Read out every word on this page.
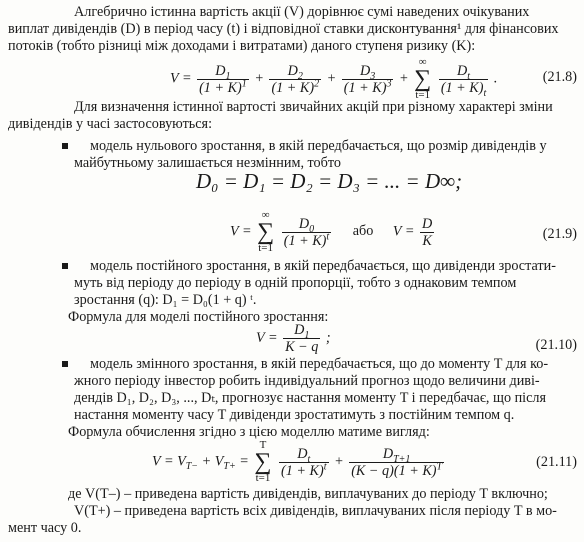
Алгебрично істинна вартість акції (V) дорівнює сумі наведених очікуваних
виплат дивідендів (D) в період часу (t) і відповідної ставки дисконтування¹ для фінансових
потоків (тобто різниці між доходами і витратами) даного ступеня ризику (K):
$V = \frac{D_1}{(1 + K)^1} + \frac{D_2}{(1 + K)^2} + \frac{D_3}{(1 + K)^3}$ + ∞
∑
$t=1 \frac{D_t}{(1 + K)_t}$ .	(21.8)
Для визначення істинної вартості звичайних акцій при різному характері зміни
дивідендів у часі застосовуються:
модель нульового зростання, в якій передбачається, що розмір дивідендів у
майбутньому залишається незмінним, тобто
D₀ = D₁ = D₂ = D₃ = ... = D∞;
V = ∞
∑
$t=1 \frac{D_0}{(1 + K)^t}$ або $V = \frac{D}{K}$	(21.9)
модель постійного зростання, в якій передбачається, що дивіденди зростати-
муть від періоду до періоду в одній пропорції, тобто з однаковим темпом
зростання (q): D₁ = D₀(1 + q) ᵗ.
Формула для моделі постійного зростання:
$V = \frac{D_1}{K - q}$ ;	(21.10)
модель змінного зростання, в якій передбачається, що до моменту T для ко-
жного періоду інвестор робить індивідуальний прогноз щодо величини диві-
дендів D₁, D₂, D₃, ..., Dₜ, прогнозує настання моменту T і передбачає, що після
настання моменту часу T дивіденди зростатимуть з постійним темпом q.
Формула обчислення згідно з цією моделлю матиме вигляд:
$V = V_{T-} + V_{T+} = T$
∑
$t=1 \frac{D_t}{(1 + K)^t} + \frac{D_{T+1}}{(K - q)(1 + K)^T}$	(21.11)
де V(T–) – приведена вартість дивідендів, виплачуваних до періоду T включно;
V(T+) – приведена вартість всіх дивідендів, виплачуваних після періоду T в мо-
мент часу 0.
